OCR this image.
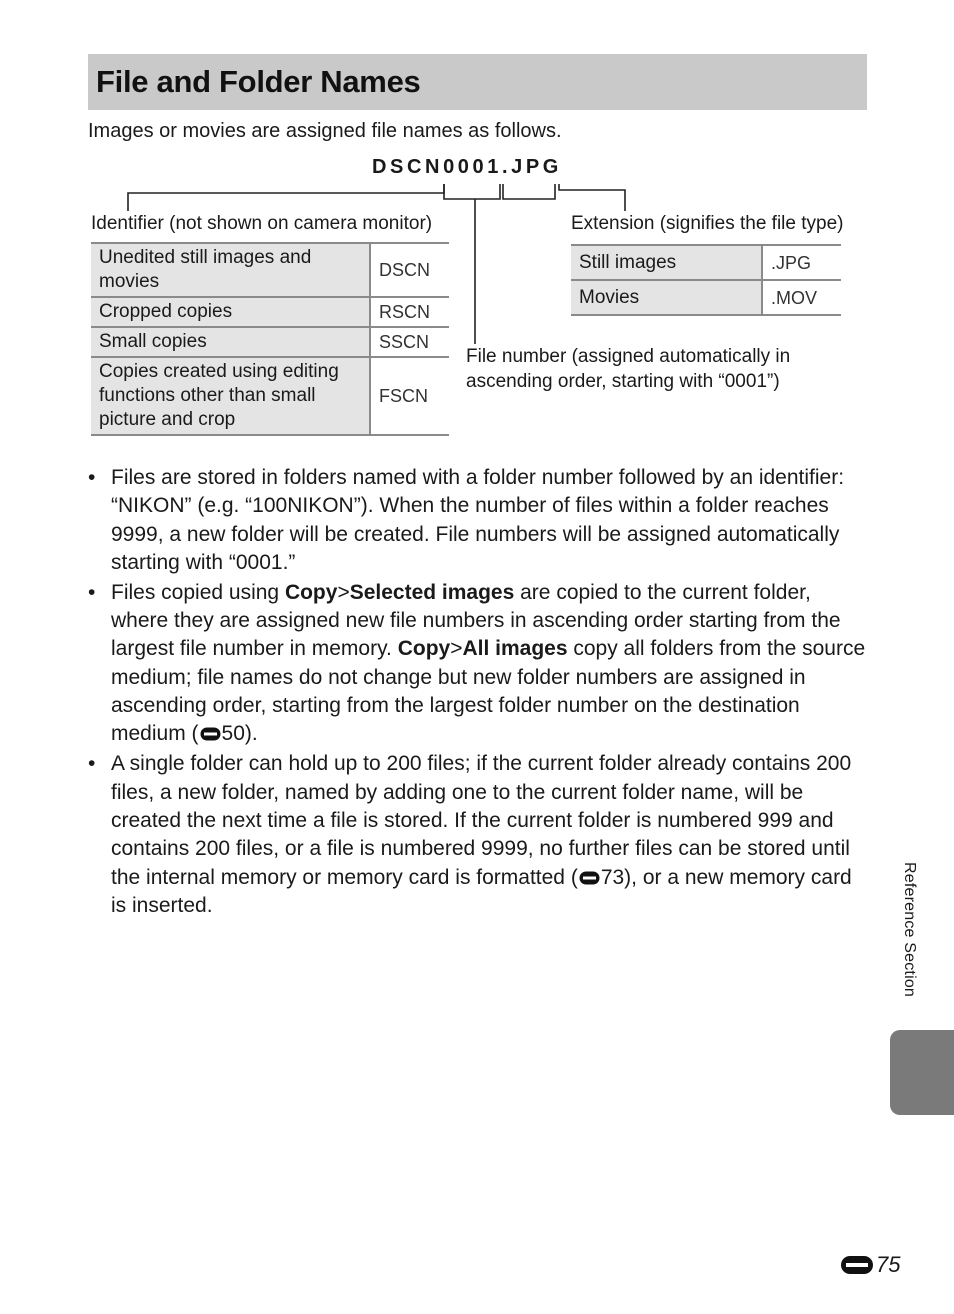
File and Folder Names
Images or movies are assigned file names as follows.
DSCN0001.JPG
Identifier (not shown on camera monitor)	Extension (signifies the file type)
File number (assigned automatically in ascending order, starting with “0001”)
Unedited still images and movies	DSCN
Cropped copies	RSCN
Small copies	SSCN
Copies created using editing functions other than small picture and crop	FSCN
Still images	.JPG
Movies	.MOV
• Files are stored in folders named with a folder number followed by an identifier: “NIKON” (e.g. “100NIKON”). When the number of files within a folder reaches 9999, a new folder will be created. File numbers will be assigned automatically starting with “0001.”
• Files copied using Copy>Selected images are copied to the current folder, where they are assigned new file numbers in ascending order starting from the largest file number in memory. Copy>All images copy all folders from the source medium; file names do not change but new folder numbers are assigned in ascending order, starting from the largest folder number on the destination medium ( 50).
• A single folder can hold up to 200 files; if the current folder already contains 200 files, a new folder, named by adding one to the current folder name, will be created the next time a file is stored. If the current folder is numbered 999 and contains 200 files, or a file is numbered 9999, no further files can be stored until the internal memory or memory card is formatted ( 73), or a new memory card is inserted.	Reference Section
75
